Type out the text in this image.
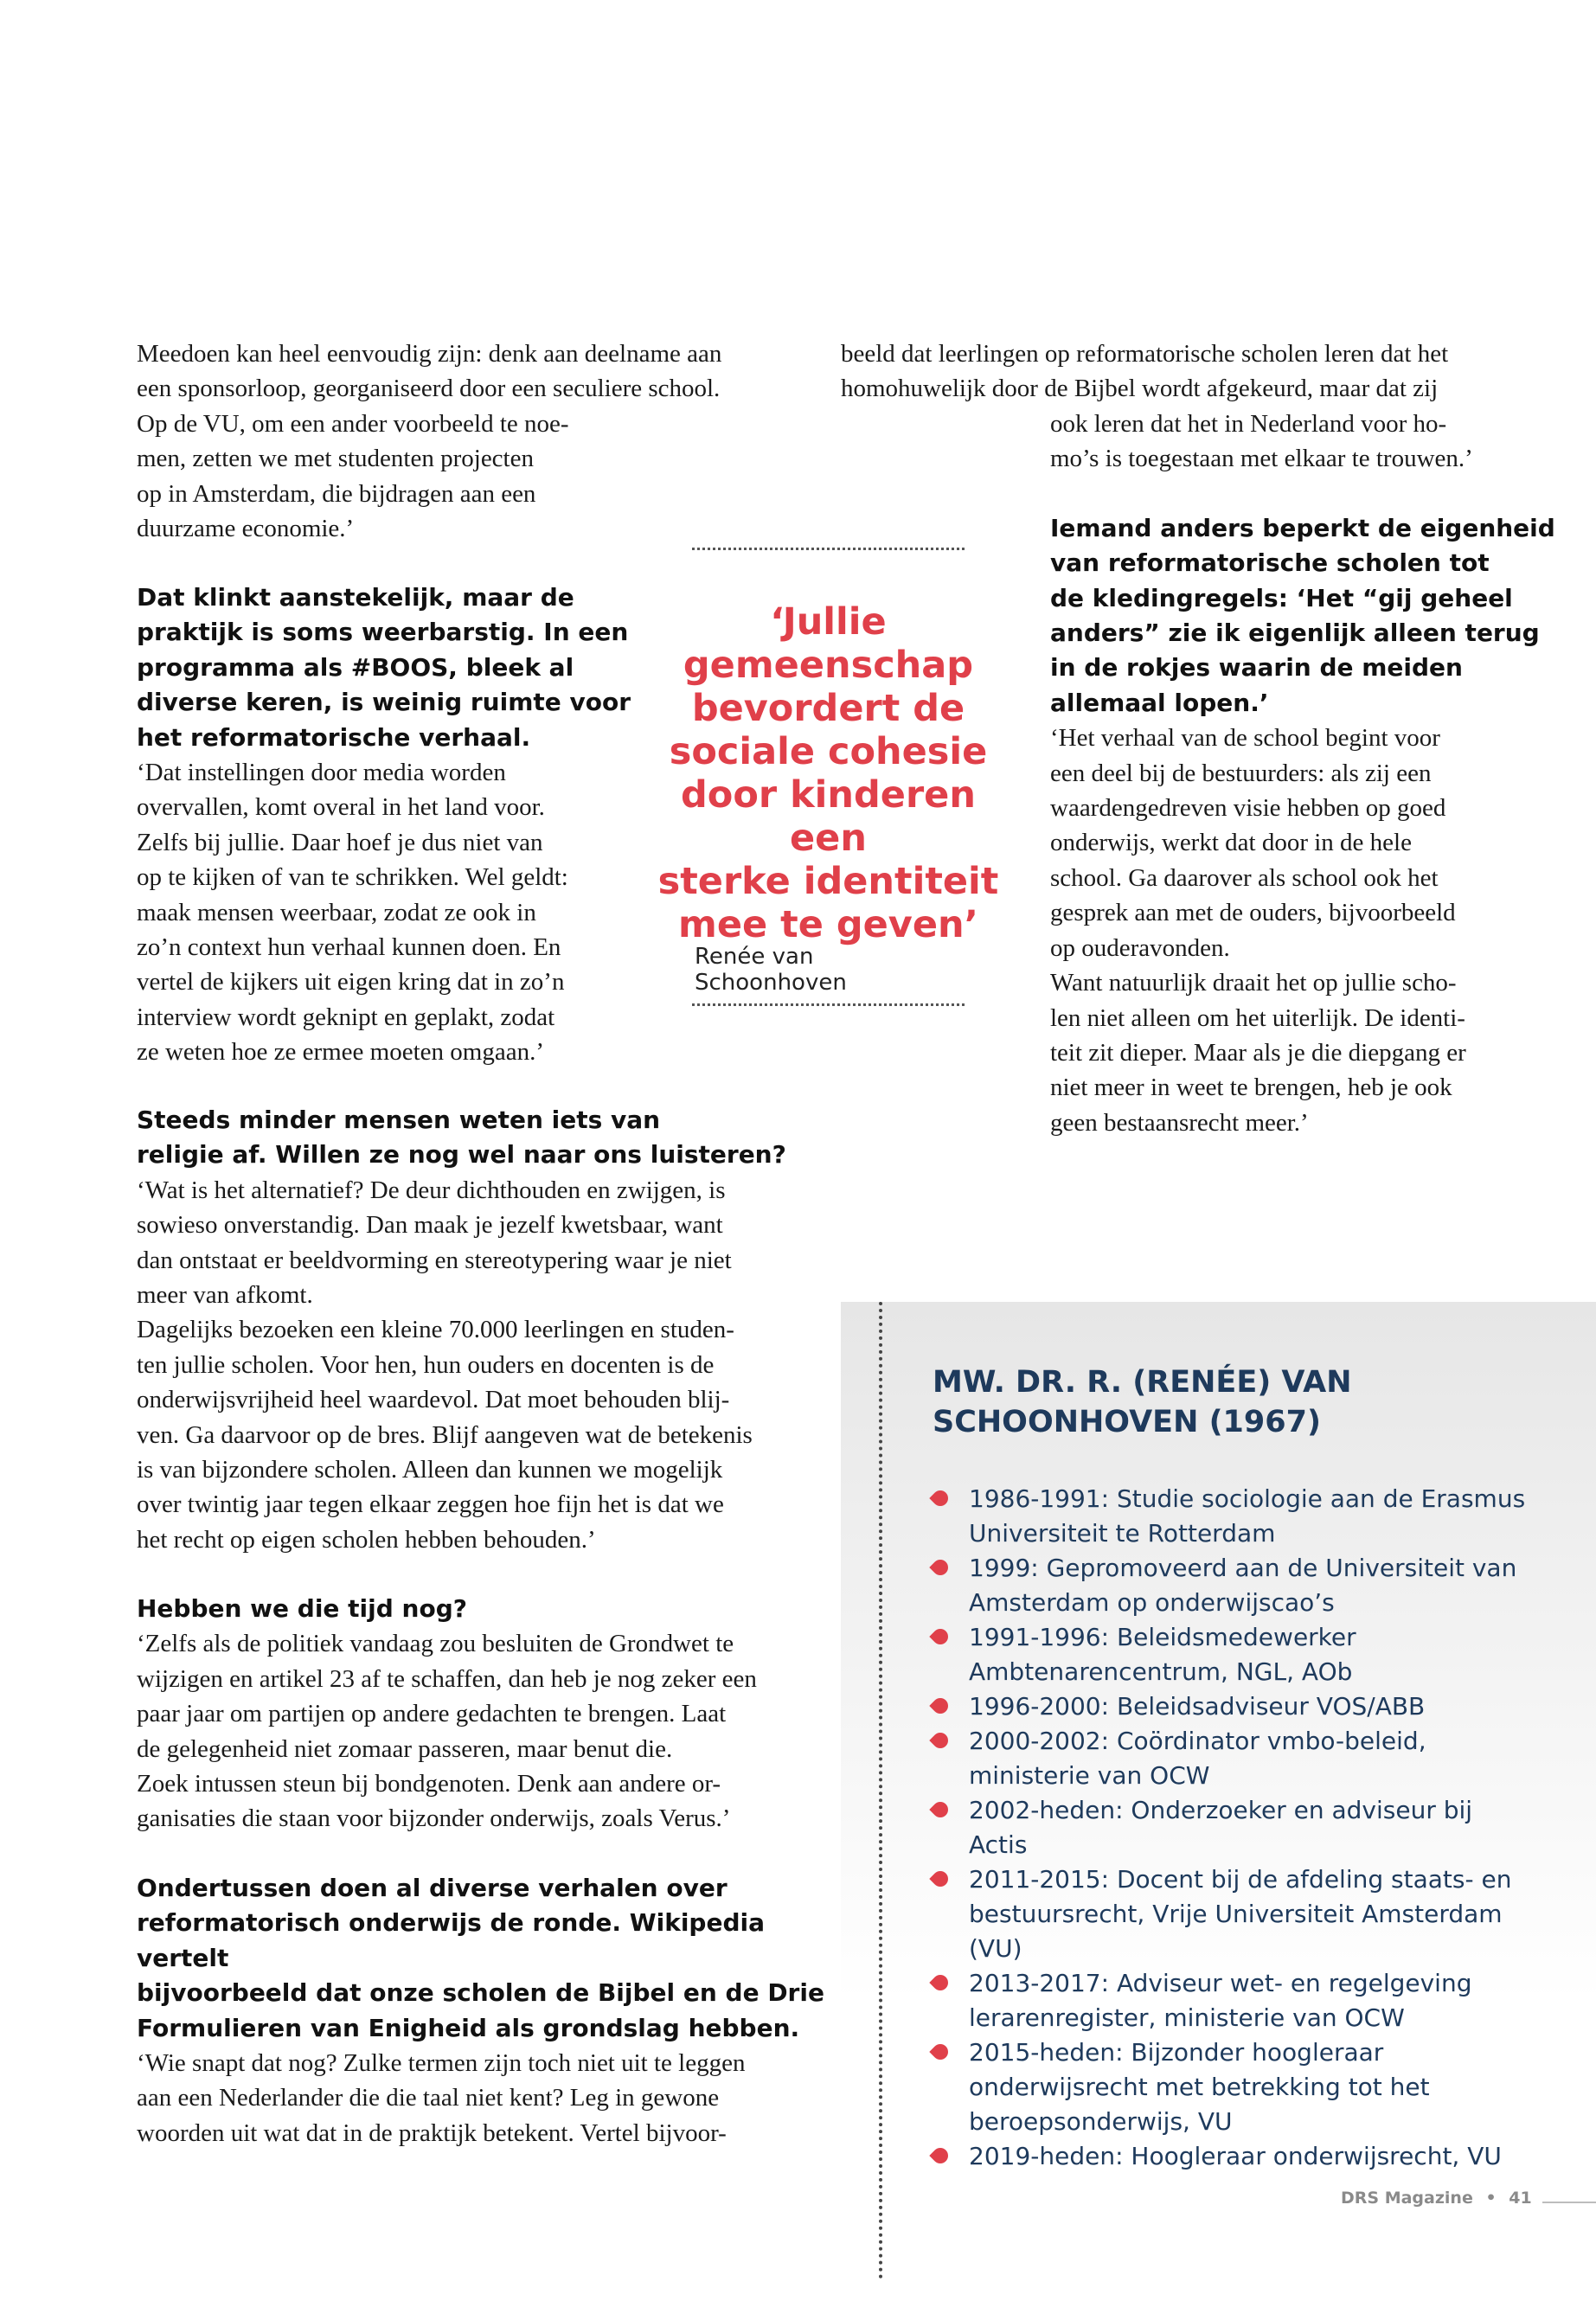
Meedoen kan heel eenvoudig zijn: denk aan deelname aan
een sponsorloop, georganiseerd door een seculiere school.
Op de VU, om een ander voorbeeld te noe-
men, zetten we met studenten projecten
op in Amsterdam, die bijdragen aan een
duurzame economie.’

Dat klinkt aanstekelijk, maar de
praktijk is soms weerbarstig. In een
programma als #BOOS, bleek al
diverse keren, is weinig ruimte voor
het reformatorische verhaal.

‘Dat instellingen door media worden
overvallen, komt overal in het land voor.
Zelfs bij jullie. Daar hoef je dus niet van
op te kijken of van te schrikken. Wel geldt:
maak mensen weerbaar, zodat ze ook in
zo’n context hun verhaal kunnen doen. En
vertel de kijkers uit eigen kring dat in zo’n
interview wordt geknipt en geplakt, zodat
ze weten hoe ze ermee moeten omgaan.’

Steeds minder mensen weten iets van
religie af. Willen ze nog wel naar ons luisteren?

‘Wat is het alternatief? De deur dichthouden en zwijgen, is
sowieso onverstandig. Dan maak je jezelf kwetsbaar, want
dan ontstaat er beeldvorming en stereotypering waar je niet
meer van afkomt.
Dagelijks bezoeken een kleine 70.000 leerlingen en studen-
ten jullie scholen. Voor hen, hun ouders en docenten is de
onderwijsvrijheid heel waardevol. Dat moet behouden blij-
ven. Ga daarvoor op de bres. Blijf aangeven wat de betekenis
is van bijzondere scholen. Alleen dan kunnen we mogelijk
over twintig jaar tegen elkaar zeggen hoe fijn het is dat we
het recht op eigen scholen hebben behouden.’

Hebben we die tijd nog?

‘Zelfs als de politiek vandaag zou besluiten de Grondwet te
wijzigen en artikel 23 af te schaffen, dan heb je nog zeker een
paar jaar om partijen op andere gedachten te brengen. Laat
de gelegenheid niet zomaar passeren, maar benut die.
Zoek intussen steun bij bondgenoten. Denk aan andere or-
ganisaties die staan voor bijzonder onderwijs, zoals Verus.’

Ondertussen doen al diverse verhalen over
reformatorisch onderwijs de ronde. Wikipedia vertelt
bijvoorbeeld dat onze scholen de Bijbel en de Drie
Formulieren van Enigheid als grondslag hebben.

‘Wie snapt dat nog? Zulke termen zijn toch niet uit te leggen
aan een Nederlander die die taal niet kent? Leg in gewone
woorden uit wat dat in de praktijk betekent. Vertel bijvoor-

‘Jullie
gemeenschap
bevordert de
sociale cohesie
door kinderen een
sterke identiteit
mee te geven’

Renée van Schoonhoven

beeld dat leerlingen op reformatorische scholen leren dat het
homohuwelijk door de Bijbel wordt afgekeurd, maar dat zij

ook leren dat het in Nederland voor ho-
mo’s is toegestaan met elkaar te trouwen.’

Iemand anders beperkt de eigenheid
van reformatorische scholen tot
de kledingregels: ‘Het “gij geheel
anders” zie ik eigenlijk alleen terug
in de rokjes waarin de meiden
allemaal lopen.’

‘Het verhaal van de school begint voor
een deel bij de bestuurders: als zij een
waardengedreven visie hebben op goed
onderwijs, werkt dat door in de hele
school. Ga daarover als school ook het
gesprek aan met de ouders, bijvoorbeeld
op ouderavonden.
Want natuurlijk draait het op jullie scho-
len niet alleen om het uiterlijk. De identi-
teit zit dieper. Maar als je die diepgang er
niet meer in weet te brengen, heb je ook
geen bestaansrecht meer.’

MW. DR. R. (RENÉE) VAN
SCHOONHOVEN (1967)

1986-1991: Studie sociologie aan de Erasmus
Universiteit te Rotterdam
1999: Gepromoveerd aan de Universiteit van
Amsterdam op onderwijscao’s
1991-1996: Beleidsmedewerker
Ambtenarencentrum, NGL, AOb
1996-2000: Beleidsadviseur VOS/ABB
2000-2002: Coördinator vmbo-beleid,
ministerie van OCW
2002-heden: Onderzoeker en adviseur bij Actis
2011-2015: Docent bij de afdeling staats- en
bestuursrecht, Vrije Universiteit Amsterdam (VU)
2013-2017: Adviseur wet- en regelgeving
lerarenregister, ministerie van OCW
2015-heden: Bijzonder hoogleraar
onderwijsrecht met betrekking tot het
beroepsonderwijs, VU
2019-heden: Hoogleraar onderwijsrecht, VU
DRS Magazine • 41
